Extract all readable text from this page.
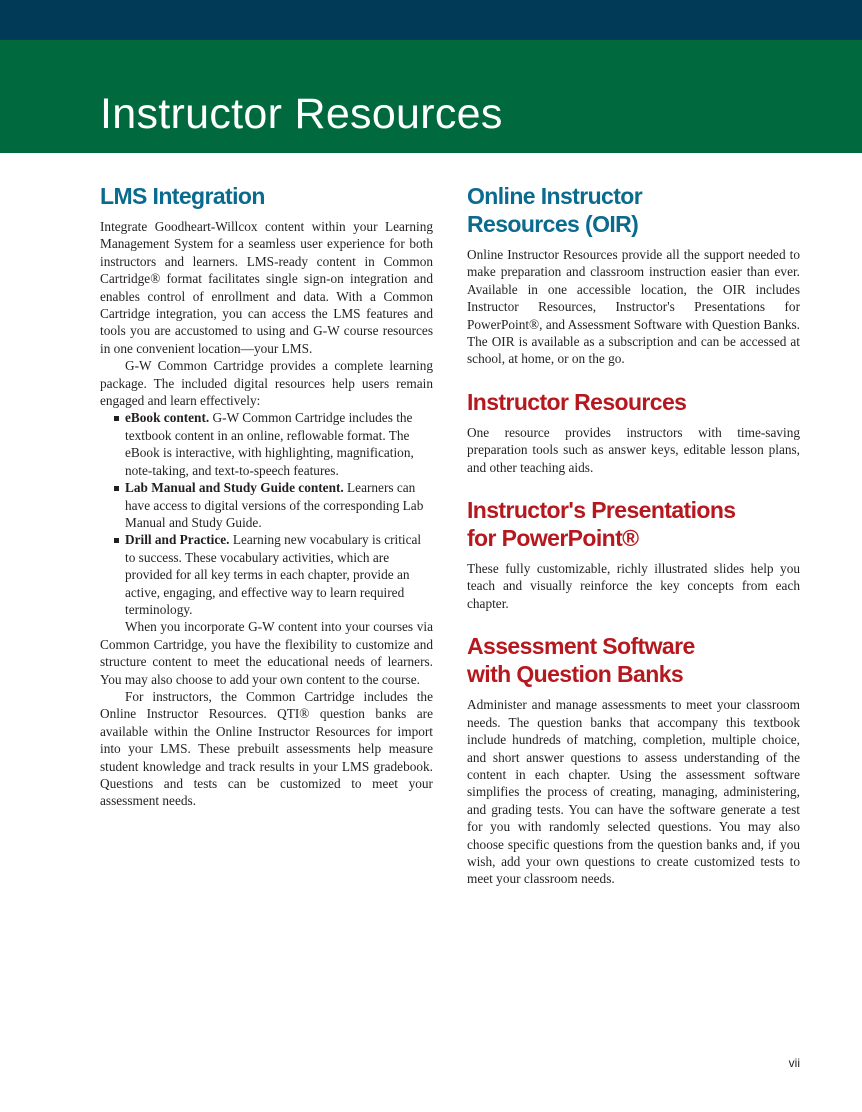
Instructor Resources
LMS Integration

Integrate Goodheart-Willcox content within your Learning Management System for a seamless user experience for both instructors and learners. LMS-ready content in Common Cartridge® format facilitates single sign-on integration and enables control of enrollment and data. With a Common Cartridge integration, you can access the LMS features and tools you are accustomed to using and G-W course resources in one convenient location—your LMS.

G-W Common Cartridge provides a complete learning package. The included digital resources help users remain engaged and learn effectively:

eBook content. G-W Common Cartridge includes the textbook content in an online, reflowable format. The eBook is interactive, with highlighting, magnification, note-taking, and text-to-speech features.
Lab Manual and Study Guide content. Learners can have access to digital versions of the corresponding Lab Manual and Study Guide.
Drill and Practice. Learning new vocabulary is critical to success. These vocabulary activities, which are provided for all key terms in each chapter, provide an active, engaging, and effective way to learn required terminology.

When you incorporate G-W content into your courses via Common Cartridge, you have the flexibility to customize and structure content to meet the educational needs of learners. You may also choose to add your own content to the course.

For instructors, the Common Cartridge includes the Online Instructor Resources. QTI® question banks are available within the Online Instructor Resources for import into your LMS. These prebuilt assessments help measure student knowledge and track results in your LMS gradebook. Questions and tests can be customized to meet your assessment needs.

Online Instructor
Resources (OIR)

Online Instructor Resources provide all the support needed to make preparation and classroom instruction easier than ever. Available in one accessible location, the OIR includes Instructor Resources, Instructor's Presentations for PowerPoint®, and Assessment Software with Question Banks. The OIR is available as a subscription and can be accessed at school, at home, or on the go.

Instructor Resources

One resource provides instructors with time-saving preparation tools such as answer keys, editable lesson plans, and other teaching aids.

Instructor's Presentations
for PowerPoint®

These fully customizable, richly illustrated slides help you teach and visually reinforce the key concepts from each chapter.

Assessment Software
with Question Banks

Administer and manage assessments to meet your classroom needs. The question banks that accompany this textbook include hundreds of matching, completion, multiple choice, and short answer questions to assess understanding of the content in each chapter. Using the assessment software simplifies the process of creating, managing, administering, and grading tests. You can have the software generate a test for you with randomly selected questions. You may also choose specific questions from the question banks and, if you wish, add your own questions to create customized tests to meet your classroom needs.

vii
